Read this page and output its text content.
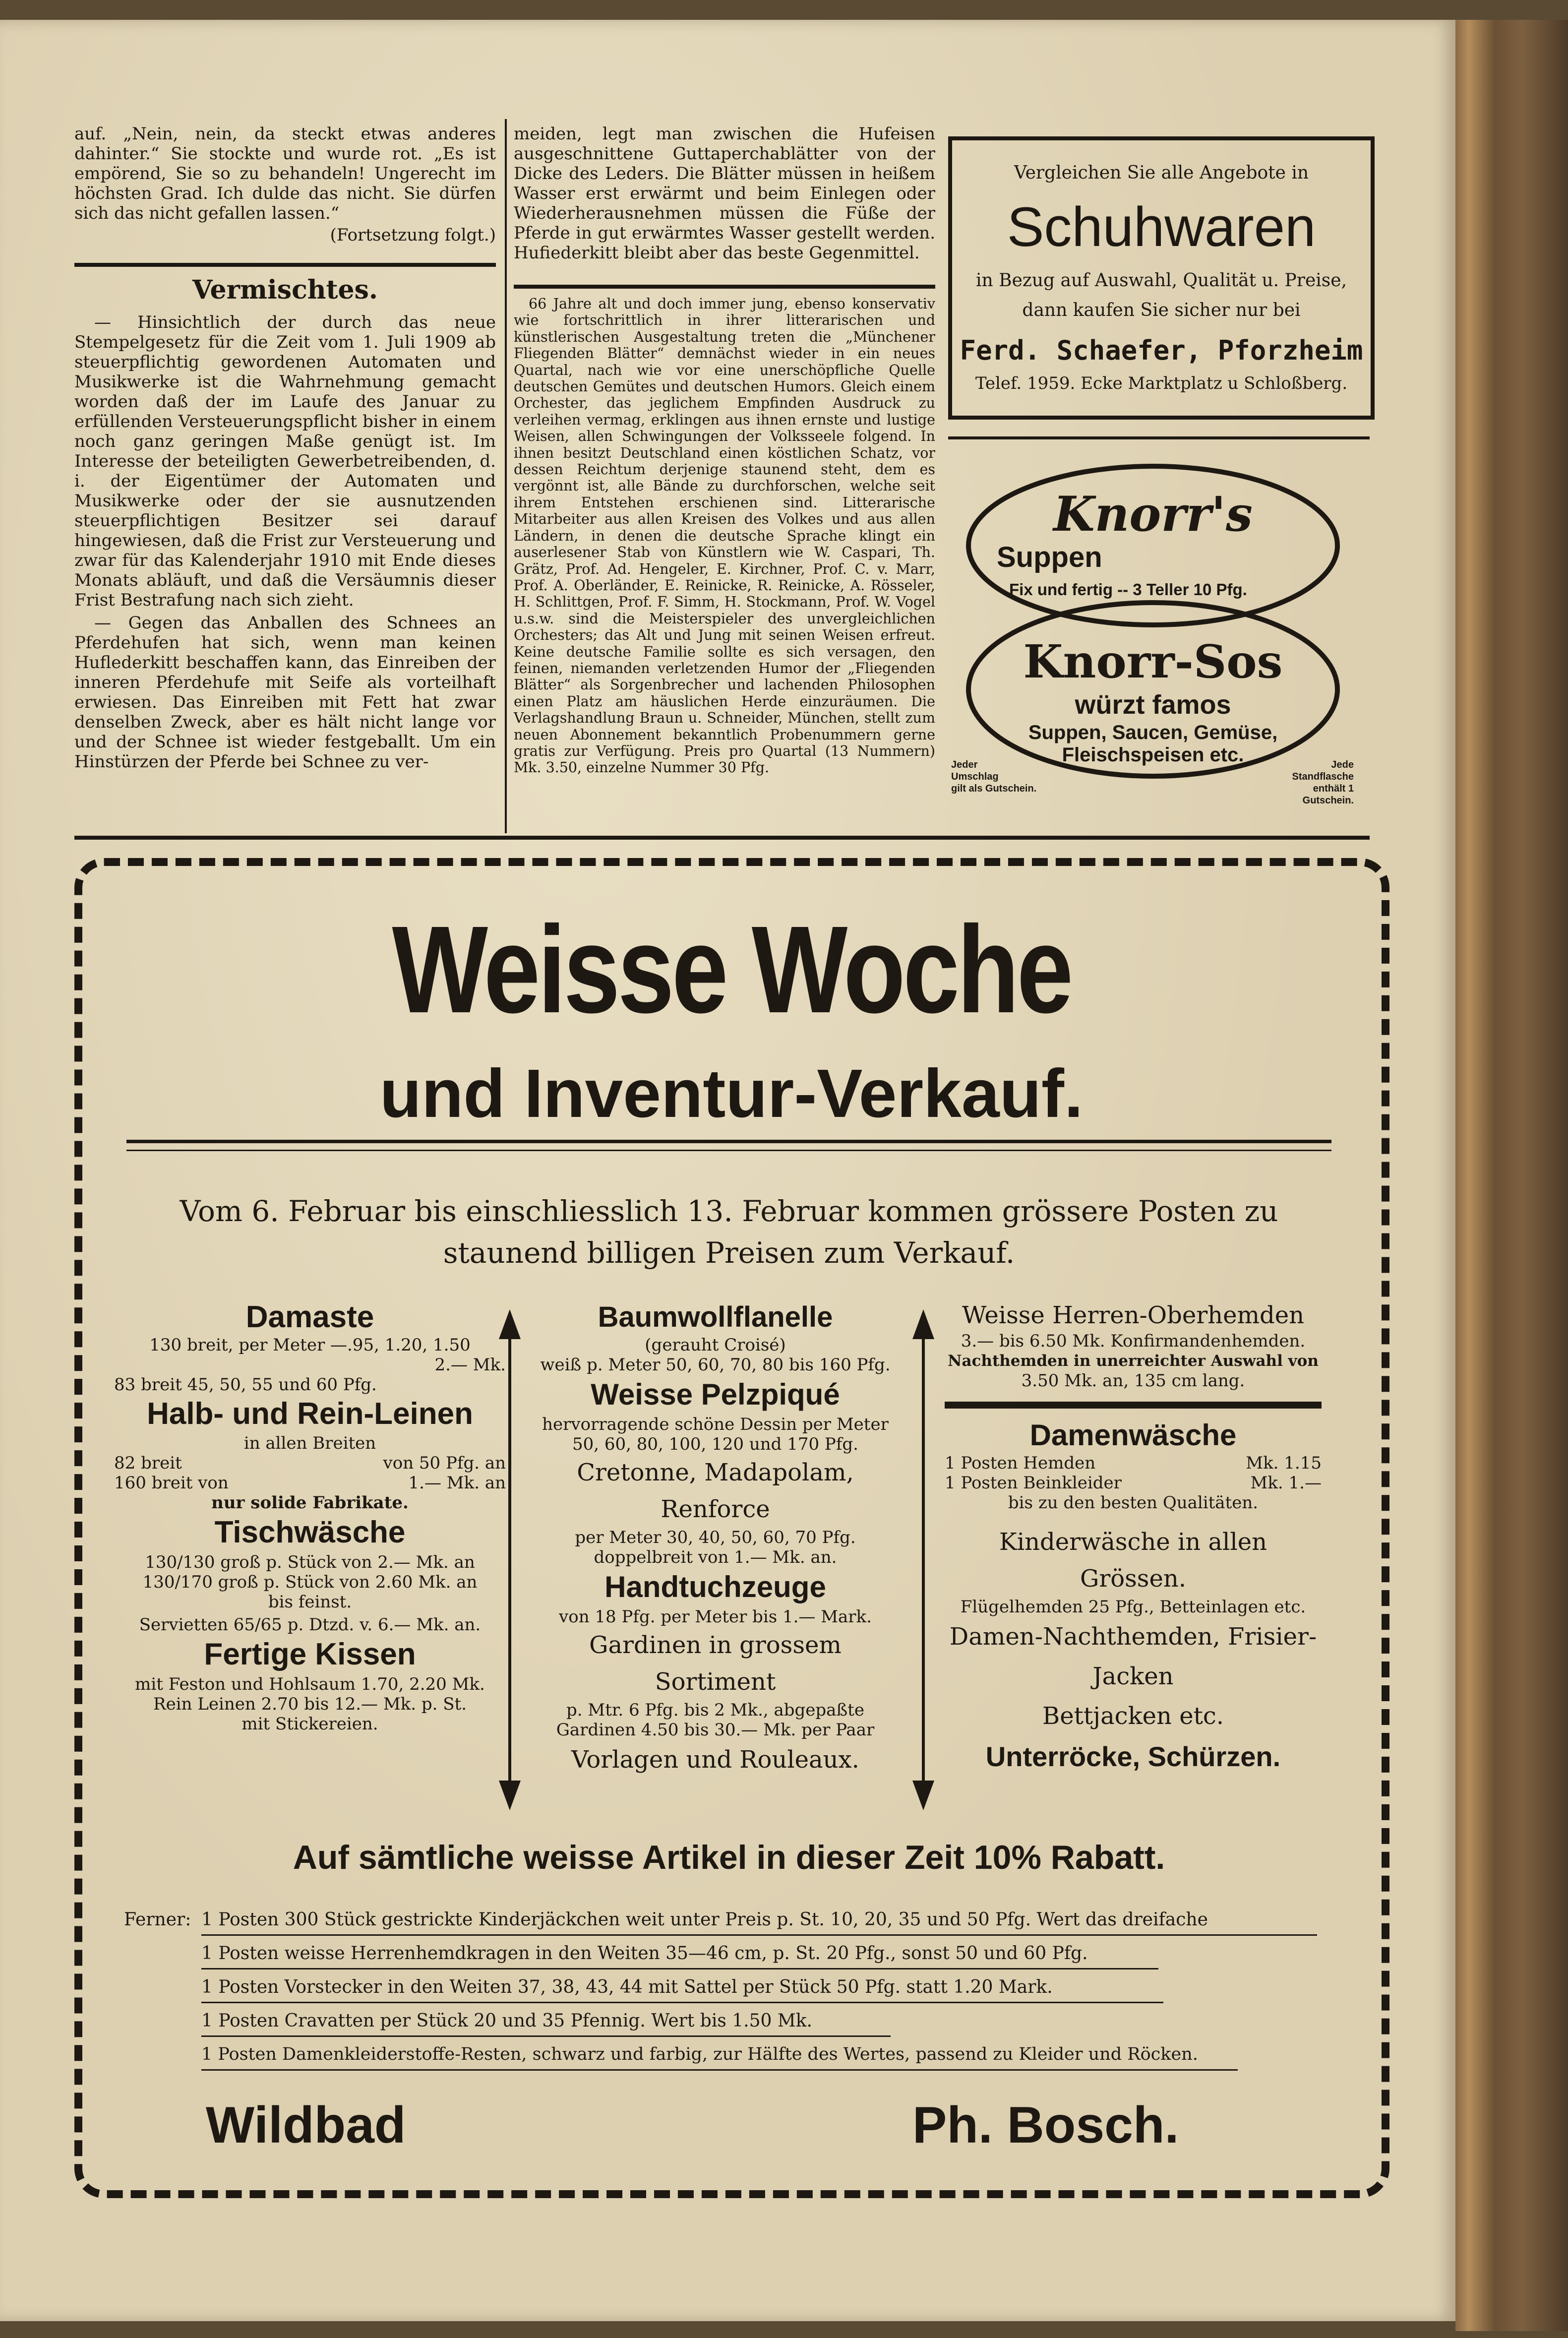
auf. „Nein, nein, da steckt etwas anderes dahinter.“ Sie stockte und wurde rot. „Es ist empörend, Sie so zu behandeln! Ungerecht im höchsten Grad. Ich dulde das nicht. Sie dürfen sich das nicht gefallen lassen.“

(Fortsetzung folgt.)

Vermischtes.

— Hinsichtlich der durch das neue Stempelgesetz für die Zeit vom 1. Juli 1909 ab steuerpflichtig gewordenen Automaten und Musikwerke ist die Wahrnehmung gemacht worden daß der im Laufe des Januar zu erfüllenden Versteuerungspflicht bisher in einem noch ganz geringen Maße genügt ist. Im Interesse der beteiligten Gewerbetreibenden, d. i. der Eigentümer der Automaten und Musikwerke oder der sie ausnutzenden steuerpflichtigen Besitzer sei darauf hingewiesen, daß die Frist zur Versteuerung und zwar für das Kalenderjahr 1910 mit Ende dieses Monats abläuft, und daß die Versäumnis dieser Frist Bestrafung nach sich zieht.

— Gegen das Anballen des Schnees an Pferdehufen hat sich, wenn man keinen Huflederkitt beschaffen kann, das Einreiben der inneren Pferdehufe mit Seife als vorteilhaft erwiesen. Das Einreiben mit Fett hat zwar denselben Zweck, aber es hält nicht lange vor und der Schnee ist wieder festgeballt. Um ein Hinstürzen der Pferde bei Schnee zu ver-

meiden, legt man zwischen die Hufeisen ausgeschnittene Guttaperchablätter von der Dicke des Leders. Die Blätter müssen in heißem Wasser erst erwärmt und beim Einlegen oder Wiederherausnehmen müssen die Füße der Pferde in gut erwärmtes Wasser gestellt werden. Hufiederkitt bleibt aber das beste Gegenmittel.

66 Jahre alt und doch immer jung, ebenso konservativ wie fortschrittlich in ihrer litterarischen und künstlerischen Ausgestaltung treten die „Münchener Fliegenden Blätter“ demnächst wieder in ein neues Quartal, nach wie vor eine unerschöpfliche Quelle deutschen Gemütes und deutschen Humors. Gleich einem Orchester, das jeglichem Empfinden Ausdruck zu verleihen vermag, erklingen aus ihnen ernste und lustige Weisen, allen Schwingungen der Volksseele folgend. In ihnen besitzt Deutschland einen köstlichen Schatz, vor dessen Reichtum derjenige staunend steht, dem es vergönnt ist, alle Bände zu durchforschen, welche seit ihrem Entstehen erschienen sind. Litterarische Mitarbeiter aus allen Kreisen des Volkes und aus allen Ländern, in denen die deutsche Sprache klingt ein auserlesener Stab von Künstlern wie W. Caspari, Th. Grätz, Prof. Ad. Hengeler, E. Kirchner, Prof. C. v. Marr, Prof. A. Oberländer, E. Reinicke, R. Reinicke, A. Rösseler, H. Schlittgen, Prof. F. Simm, H. Stockmann, Prof. W. Vogel u.s.w. sind die Meisterspieler des unvergleichlichen Orchesters; das Alt und Jung mit seinen Weisen erfreut. Keine deutsche Familie sollte es sich versagen, den feinen, niemanden verletzenden Humor der „Fliegenden Blätter“ als Sorgenbrecher und lachenden Philosophen einen Platz am häuslichen Herde einzuräumen. Die Verlagshandlung Braun u. Schneider, München, stellt zum neuen Abonnement bekanntlich Probenummern gerne gratis zur Verfügung. Preis pro Quartal (13 Nummern) Mk. 3.50, einzelne Nummer 30 Pfg.

Vergleichen Sie alle Angebote in
Schuhwaren
in Bezug auf Auswahl, Qualität u. Preise,
dann kaufen Sie sicher nur bei
Ferd. Schaefer, Pforzheim
Telef. 1959. Ecke Marktplatz u Schloßberg.
Knorr's
Suppen
Fix und fertig -- 3 Teller 10 Pfg.
Knorr-Sos
würzt famos
Suppen, Saucen, Gemüse,
Fleischspeisen etc.
Jeder
Umschlag
gilt als Gutschein.
Jede
Standflasche
enthält 1 Gutschein.
Weisse Woche
und Inventur-Verkauf.
Vom 6. Februar bis einschliesslich 13. Februar kommen grössere Posten zu staunend billigen Preisen zum Verkauf.
Damaste
130 breit, per Meter —.95, 1.20, 1.50
2.— Mk.
83 breit 45, 50, 55 und 60 Pfg.
Halb- und Rein-Leinen
in allen Breiten
82 breit	von 50 Pfg. an
160 breit von	1.— Mk. an
nur solide Fabrikate.
Tischwäsche
130/130 groß p. Stück von 2.— Mk. an
130/170 groß p. Stück von 2.60 Mk. an
bis feinst.
Servietten 65/65 p. Dtzd. v. 6.— Mk. an.
Fertige Kissen
mit Feston und Hohlsaum 1.70, 2.20 Mk.
Rein Leinen 2.70 bis 12.— Mk. p. St.
mit Stickereien.
Baumwollflanelle
(gerauht Croisé)
weiß p. Meter 50, 60, 70, 80 bis 160 Pfg.
Weisse Pelzpiqué
hervorragende schöne Dessin per Meter
50, 60, 80, 100, 120 und 170 Pfg.
Cretonne, Madapolam, Renforce
per Meter 30, 40, 50, 60, 70 Pfg.
doppelbreit von 1.— Mk. an.
Handtuchzeuge
von 18 Pfg. per Meter bis 1.— Mark.
Gardinen in grossem Sortiment
p. Mtr. 6 Pfg. bis 2 Mk., abgepaßte
Gardinen 4.50 bis 30.— Mk. per Paar
Vorlagen und Rouleaux.
Weisse Herren-Oberhemden
3.— bis 6.50 Mk. Konfirmandenhemden.
Nachthemden in unerreichter Auswahl von
3.50 Mk. an, 135 cm lang.
Damenwäsche
1 Posten Hemden	Mk. 1.15
1 Posten Beinkleider	Mk. 1.—
bis zu den besten Qualitäten.
Kinderwäsche in allen Grössen.
Flügelhemden 25 Pfg., Betteinlagen etc.
Damen-Nachthemden, Frisier-Jacken
Bettjacken etc.
Unterröcke, Schürzen.
Auf sämtliche weisse Artikel in dieser Zeit 10% Rabatt.
Ferner: 1 Posten 300 Stück gestrickte Kinderjäckchen weit unter Preis p. St. 10, 20, 35 und 50 Pfg. Wert das dreifache
1 Posten weisse Herrenhemdkragen in den Weiten 35—46 cm, p. St. 20 Pfg., sonst 50 und 60 Pfg.
1 Posten Vorstecker in den Weiten 37, 38, 43, 44 mit Sattel per Stück 50 Pfg. statt 1.20 Mark.
1 Posten Cravatten per Stück 20 und 35 Pfennig. Wert bis 1.50 Mk.
1 Posten Damenkleiderstoffe-Resten, schwarz und farbig, zur Hälfte des Wertes, passend zu Kleider und Röcken.
Wildbad	Ph. Bosch.
